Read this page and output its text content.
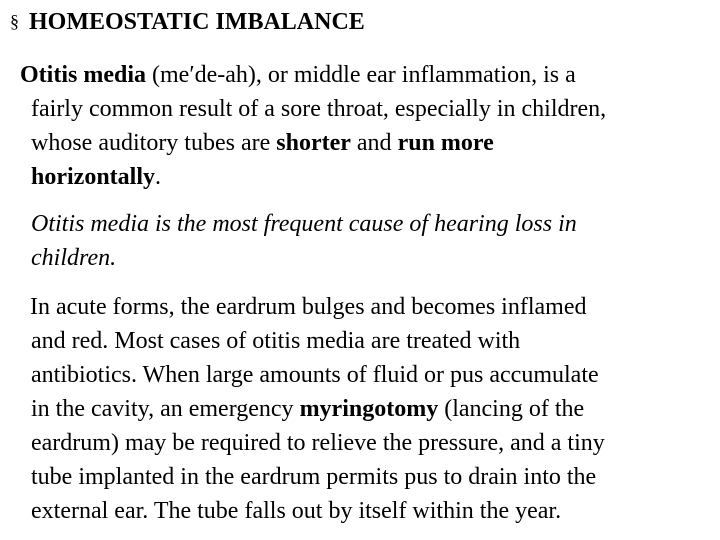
§ HOMEOSTATIC IMBALANCE
Otitis media (me′de-ah), or middle ear inflammation, is a
fairly common result of a sore throat, especially in children,
whose auditory tubes are shorter and run more
horizontally.
Otitis media is the most frequent cause of hearing loss in
children.
In acute forms, the eardrum bulges and becomes inflamed
and red. Most cases of otitis media are treated with
antibiotics. When large amounts of fluid or pus accumulate
in the cavity, an emergency myringotomy (lancing of the
eardrum) may be required to relieve the pressure, and a tiny
tube implanted in the eardrum permits pus to drain into the
external ear. The tube falls out by itself within the year.
